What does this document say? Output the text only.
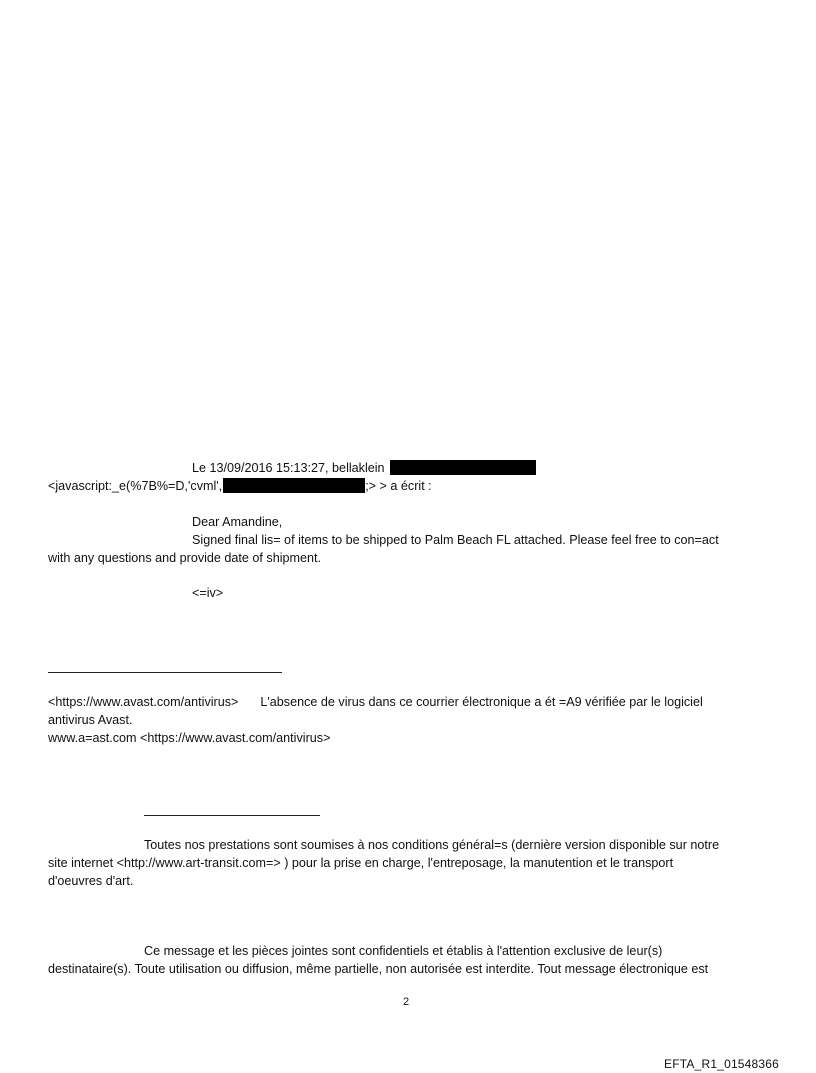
Le 13/09/2016 15:13:27, bellaklein
<javascript:_e(%7B%=D,'cvml',	;> > a écrit :
Dear Amandine,
Signed final lis= of items to be shipped to Palm Beach FL attached. Please feel free to con=act
with any questions and provide date of shipment.
<=iv>
<https://www.avast.com/antivirus> L'absence de virus dans ce courrier électronique a ét =A9 vérifiée par le logiciel
antivirus Avast.
www.a=ast.com <https://www.avast.com/antivirus>
Toutes nos prestations sont soumises à nos conditions général=s (dernière version disponible sur notre
site internet <http://www.art-transit.com=> ) pour la prise en charge, l'entreposage, la manutention et le transport
d'oeuvres d'art.
Ce message et les pièces jointes sont confidentiels et établis à l'attention exclusive de leur(s)
destinataire(s). Toute utilisation ou diffusion, même partielle, non autorisée est interdite. Tout message électronique est
2
EFTA_R1_01548366
